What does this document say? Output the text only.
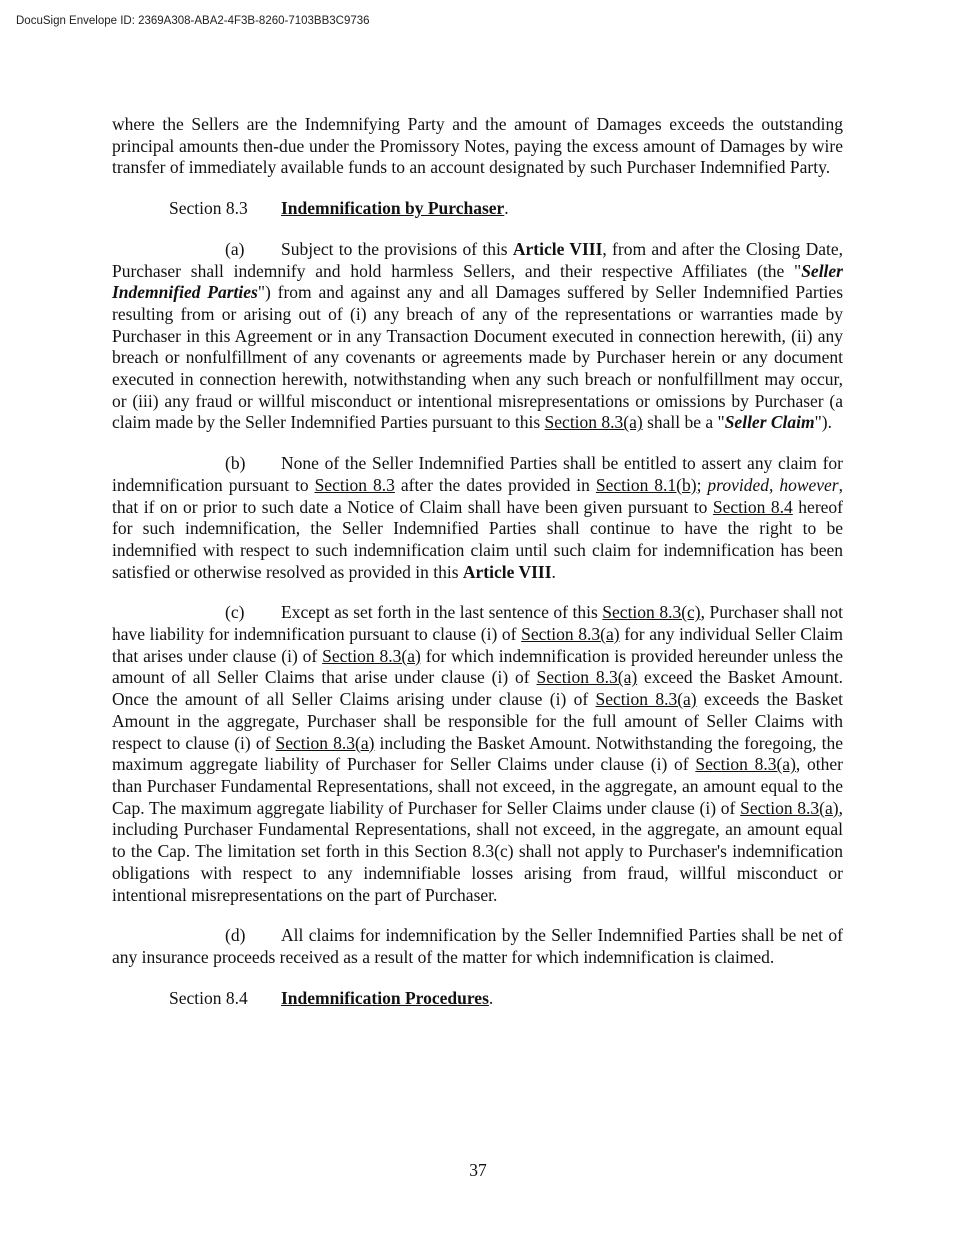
DocuSign Envelope ID: 2369A308-ABA2-4F3B-8260-7103BB3C9736

where the Sellers are the Indemnifying Party and the amount of Damages exceeds the outstanding principal amounts then-due under the Promissory Notes, paying the excess amount of Damages by wire transfer of immediately available funds to an account designated by such Purchaser Indemnified Party.

Section 8.3 Indemnification by Purchaser.

(a) Subject to the provisions of this Article VIII, from and after the Closing Date, Purchaser shall indemnify and hold harmless Sellers, and their respective Affiliates (the "Seller Indemnified Parties") from and against any and all Damages suffered by Seller Indemnified Parties resulting from or arising out of (i) any breach of any of the representations or warranties made by Purchaser in this Agreement or in any Transaction Document executed in connection herewith, (ii) any breach or nonfulfillment of any covenants or agreements made by Purchaser herein or any document executed in connection herewith, notwithstanding when any such breach or nonfulfillment may occur, or (iii) any fraud or willful misconduct or intentional misrepresentations or omissions by Purchaser (a claim made by the Seller Indemnified Parties pursuant to this Section 8.3(a) shall be a "Seller Claim").

(b) None of the Seller Indemnified Parties shall be entitled to assert any claim for indemnification pursuant to Section 8.3 after the dates provided in Section 8.1(b); provided, however, that if on or prior to such date a Notice of Claim shall have been given pursuant to Section 8.4 hereof for such indemnification, the Seller Indemnified Parties shall continue to have the right to be indemnified with respect to such indemnification claim until such claim for indemnification has been satisfied or otherwise resolved as provided in this Article VIII.

(c) Except as set forth in the last sentence of this Section 8.3(c), Purchaser shall not have liability for indemnification pursuant to clause (i) of Section 8.3(a) for any individual Seller Claim that arises under clause (i) of Section 8.3(a) for which indemnification is provided hereunder unless the amount of all Seller Claims that arise under clause (i) of Section 8.3(a) exceed the Basket Amount. Once the amount of all Seller Claims arising under clause (i) of Section 8.3(a) exceeds the Basket Amount in the aggregate, Purchaser shall be responsible for the full amount of Seller Claims with respect to clause (i) of Section 8.3(a) including the Basket Amount. Notwithstanding the foregoing, the maximum aggregate liability of Purchaser for Seller Claims under clause (i) of Section 8.3(a), other than Purchaser Fundamental Representations, shall not exceed, in the aggregate, an amount equal to the Cap. The maximum aggregate liability of Purchaser for Seller Claims under clause (i) of Section 8.3(a), including Purchaser Fundamental Representations, shall not exceed, in the aggregate, an amount equal to the Cap. The limitation set forth in this Section 8.3(c) shall not apply to Purchaser's indemnification obligations with respect to any indemnifiable losses arising from fraud, willful misconduct or intentional misrepresentations on the part of Purchaser.

(d) All claims for indemnification by the Seller Indemnified Parties shall be net of any insurance proceeds received as a result of the matter for which indemnification is claimed.

Section 8.4 Indemnification Procedures.
37
